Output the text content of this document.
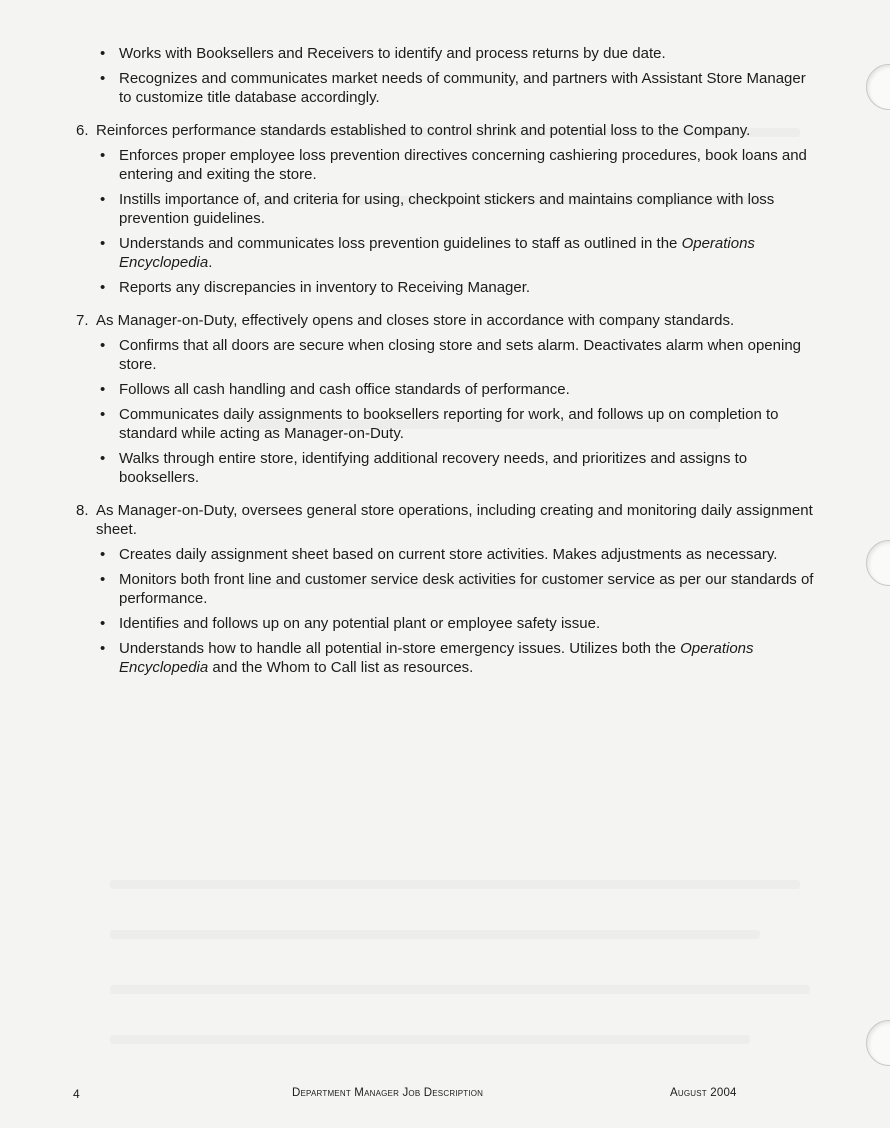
• Works with Booksellers and Receivers to identify and process returns by due date.
• Recognizes and communicates market needs of community, and partners with Assistant Store Manager to customize title database accordingly.
6. Reinforces performance standards established to control shrink and potential loss to the Company.
• Enforces proper employee loss prevention directives concerning cashiering procedures, book loans and entering and exiting the store.
• Instills importance of, and criteria for using, checkpoint stickers and maintains compliance with loss prevention guidelines.
• Understands and communicates loss prevention guidelines to staff as outlined in the Operations Encyclopedia.
• Reports any discrepancies in inventory to Receiving Manager.
7. As Manager-on-Duty, effectively opens and closes store in accordance with company standards.
• Confirms that all doors are secure when closing store and sets alarm. Deactivates alarm when opening store.
• Follows all cash handling and cash office standards of performance.
• Communicates daily assignments to booksellers reporting for work, and follows up on completion to standard while acting as Manager-on-Duty.
• Walks through entire store, identifying additional recovery needs, and prioritizes and assigns to booksellers.
8. As Manager-on-Duty, oversees general store operations, including creating and monitoring daily assignment sheet.
• Creates daily assignment sheet based on current store activities. Makes adjustments as necessary.
• Monitors both front line and customer service desk activities for customer service as per our standards of performance.
• Identifies and follows up on any potential plant or employee safety issue.
• Understands how to handle all potential in-store emergency issues. Utilizes both the Operations Encyclopedia and the Whom to Call list as resources.
4	Department Manager Job Description	August 2004
